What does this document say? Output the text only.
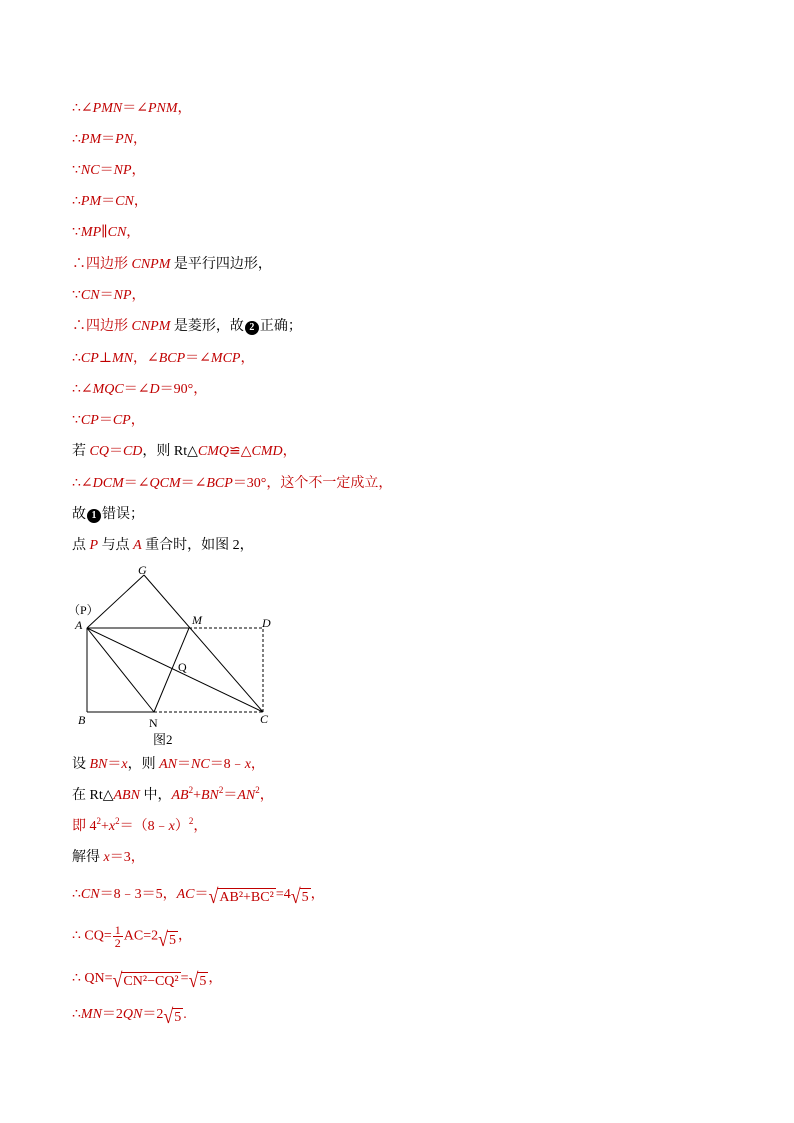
∴∠PMN＝∠PNM，
∴PM＝PN，
∵NC＝NP，
∴PM＝CN，
∵MP∥CN，
∴四边形 CNPM 是平行四边形，
∵CN＝NP，
∴四边形 CNPM 是菱形，故 2 正确；
∴CP⊥MN，∠BCP＝∠MCP，
∴∠MQC＝∠D＝90°，
∵CP＝CP，
若 CQ＝CD，则 Rt△CMQ≌△CMD，
∴∠DCM＝∠QCM＝∠BCP＝30°，这个不一定成立，
故 1 错误；
点 P 与点 A 重合时，如图 2，
G
（P）
A	M	D
Q
B	N	C
图2
设 BN＝x，则 AN＝NC＝8﹣x，
在 Rt△ABN 中，$AB^2+BN^2=AN^2$，
即 $4^2+x^2=(8﹣x)^2$，
解得 x＝3，
∴CN＝8﹣3＝5，AC＝ √ AB²+BC² =4 √ 5 ，
∴ $CQ= \frac{1}{2} AC=2$ √ 5 ，
∴ QN= √ CN²−CQ² = √ 5 ，
∴MN＝2QN＝2 √ 5 .
